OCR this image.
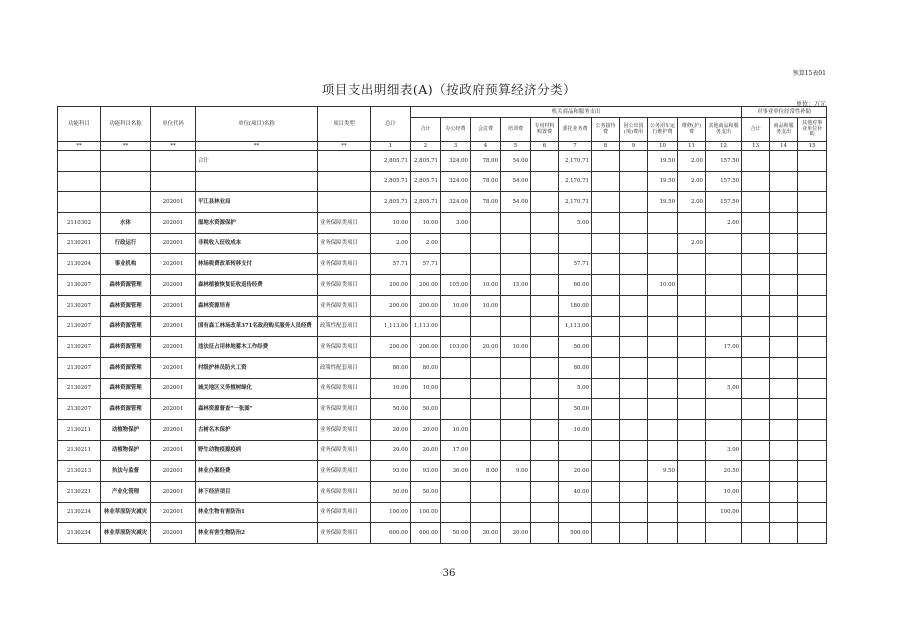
预算15表01
项目支出明细表(A)（按政府预算经济分类）
单位：万元
功能科目	功能科目名称	单位代码	单位(项目)名称	项目类型	总计	机关商品和服务支出											对事业单位经常性补助		
						合计	办公经费	会议费	培训费	专用材料购置费	委托业务费	公务接待费	因公出国(境)费用	公务用车运行维护费	维修(护)费	其他商品和服务支出	合计	商品和服务支出	其他对事业单位补助
**	**	**	**	**	1	2	3	4	5	6	7	8	9	10	11	12	13	14	15
			合计		2,805.71	2,805.71	324.00	78.00	54.00		2,170.71			19.50	2.00	157.50			
					2,805.71	2,805.71	324.00	78.00	54.00		2,170.71			19.50	2.00	157.50			
		202001	平江县林业局		2,805.71	2,805.71	324.00	78.00	54.00		2,170.71			19.50	2.00	157.50			
2110302	水体	202001	湿地水资源保护	业务保障类项目	10.00	10.00	3.00				5.00					2.00			
2130201	行政运行	202001	非税收入征收成本	业务保障类项目	2.00	2.00									2.00				
2130204	事业机构	202001	林场税费改革转移支付	业务保障类项目	57.71	57.71					57.71								
2130207	森林资源管理	202001	森林植被恢复征收返传经费	业务保障类项目	200.00	200.00	105.00	10.00	15.00		60.00			10.00					
2130207	森林资源管理	202001	森林资源培育	业务保障类项目	200.00	200.00	10.00	10.00			180.00								
2130207	森林资源管理	202001	国有森工林场改革371名政府购买服务人员经费	政策性配套项目	1,113.00	1,113.00					1,113.00								
2130207	森林资源管理	202001	违法征占用林地蓄木工作经费	业务保障类项目	200.00	200.00	103.00	20.00	10.00		50.00					17.00			
2130207	森林资源管理	202001	村级护林员防火工资	政策性配套项目	80.00	80.00					80.00								
2130207	森林资源管理	202001	城关地区义务植树绿化	业务保障类项目	10.00	10.00					5.00					5.00			
2130207	森林资源管理	202001	森林资源督查“一张图”	业务保障类项目	50.00	50.00					50.00								
2130211	动植物保护	202001	古树名木保护	业务保障类项目	20.00	20.00	10.00				10.00								
2130211	动植物保护	202001	野生动物疫源疫病	业务保障类项目	20.00	20.00	17.00									3.00			
2130213	执法与监督	202001	林业办案经费	业务保障类项目	93.00	93.00	36.00	8.00	9.00		20.00			9.50		20.50			
2130221	产业化管理	202001	林下经济项目	业务保障类项目	50.00	50.00					40.00					10.00			
2130234	林业草原防灾减灾	202001	林业生物有害防治1	业务保障类项目	100.00	100.00										100.00			
2130234	林业草原防灾减灾	202001	林业有害生物防治2	业务保障类项目	600.00	600.00	50.00	30.00	20.00		500.00								
36
